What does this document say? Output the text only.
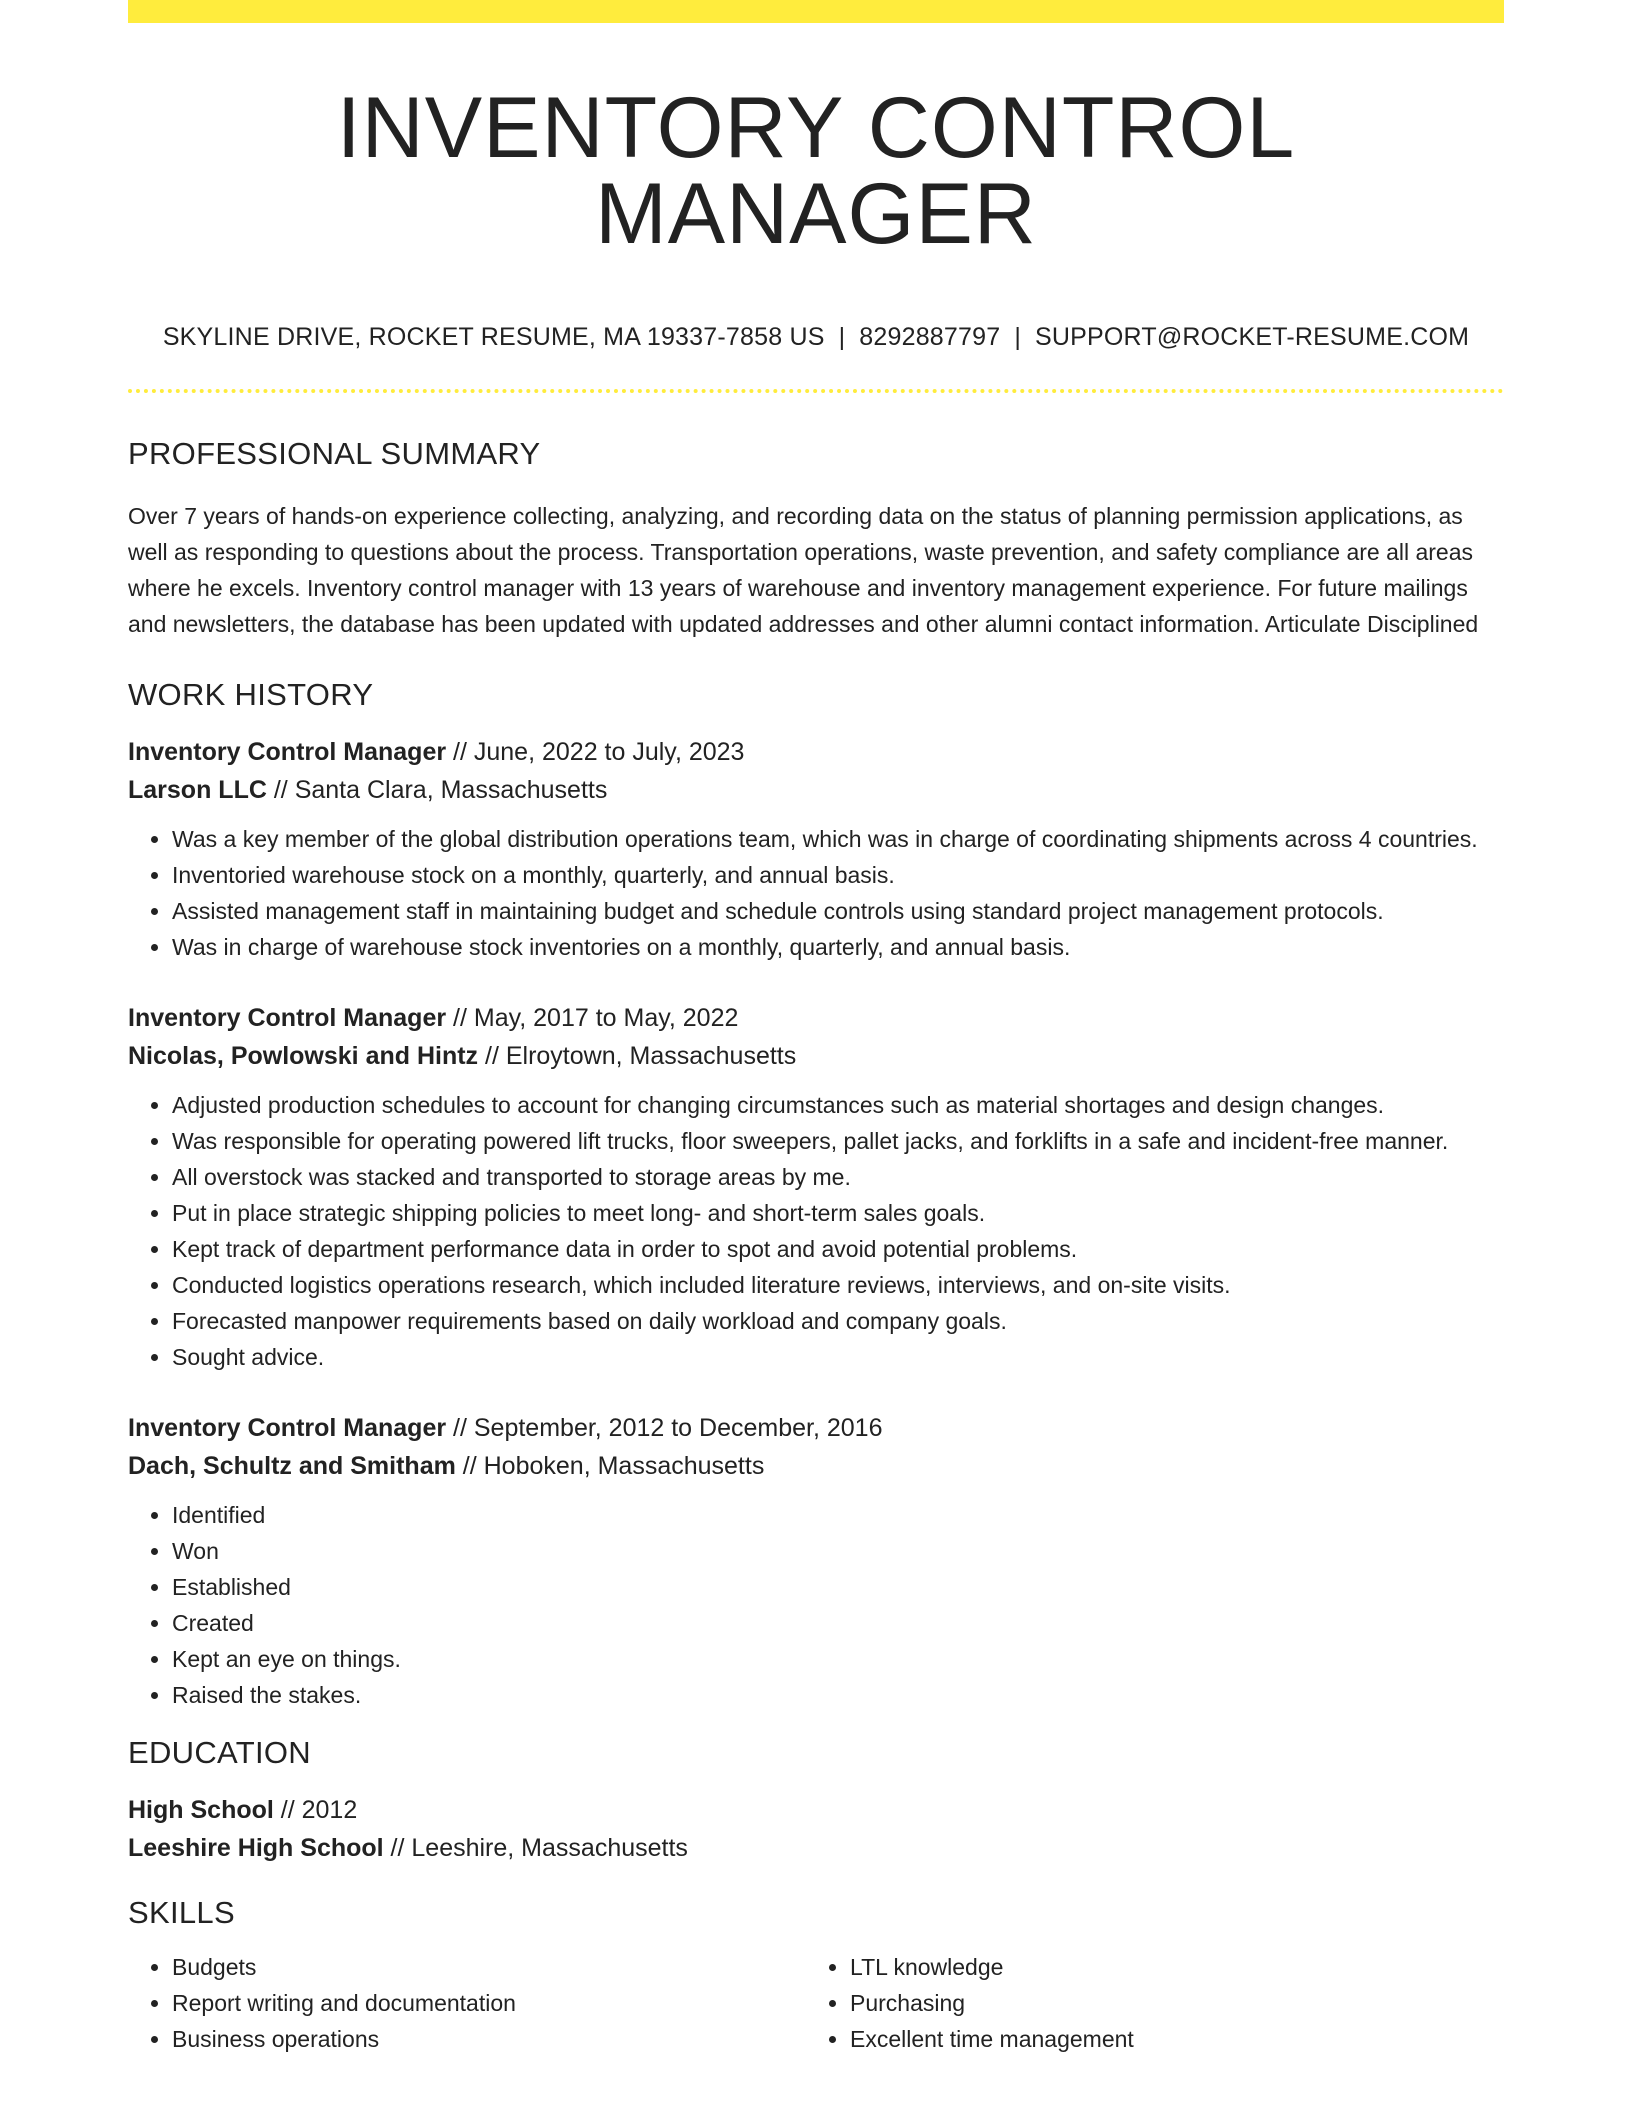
INVENTORY CONTROL MANAGER
SKYLINE DRIVE, ROCKET RESUME, MA 19337-7858 US | 8292887797 | SUPPORT@ROCKET-RESUME.COM
PROFESSIONAL SUMMARY
Over 7 years of hands-on experience collecting, analyzing, and recording data on the status of planning permission applications, as well as responding to questions about the process. Transportation operations, waste prevention, and safety compliance are all areas where he excels. Inventory control manager with 13 years of warehouse and inventory management experience. For future mailings and newsletters, the database has been updated with updated addresses and other alumni contact information. Articulate Disciplined
WORK HISTORY
Inventory Control Manager // June, 2022 to July, 2023
Larson LLC // Santa Clara, Massachusetts
• Was a key member of the global distribution operations team, which was in charge of coordinating shipments across 4 countries.
• Inventoried warehouse stock on a monthly, quarterly, and annual basis.
• Assisted management staff in maintaining budget and schedule controls using standard project management protocols.
• Was in charge of warehouse stock inventories on a monthly, quarterly, and annual basis.
Inventory Control Manager // May, 2017 to May, 2022
Nicolas, Powlowski and Hintz // Elroytown, Massachusetts
• Adjusted production schedules to account for changing circumstances such as material shortages and design changes.
• Was responsible for operating powered lift trucks, floor sweepers, pallet jacks, and forklifts in a safe and incident-free manner.
• All overstock was stacked and transported to storage areas by me.
• Put in place strategic shipping policies to meet long- and short-term sales goals.
• Kept track of department performance data in order to spot and avoid potential problems.
• Conducted logistics operations research, which included literature reviews, interviews, and on-site visits.
• Forecasted manpower requirements based on daily workload and company goals.
• Sought advice.
Inventory Control Manager // September, 2012 to December, 2016
Dach, Schultz and Smitham // Hoboken, Massachusetts
• Identified
• Won
• Established
• Created
• Kept an eye on things.
• Raised the stakes.
EDUCATION
High School // 2012
Leeshire High School // Leeshire, Massachusetts
SKILLS
• Budgets
• Report writing and documentation
• Business operations
• LTL knowledge
• Purchasing
• Excellent time management
